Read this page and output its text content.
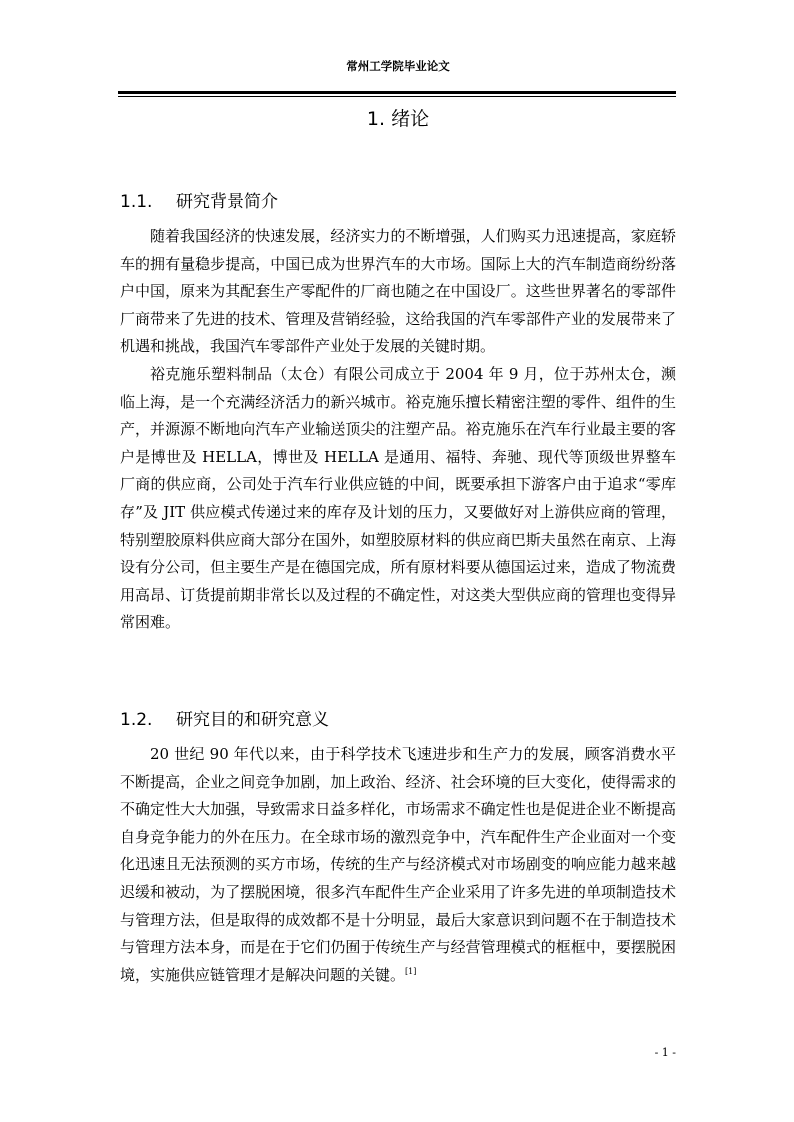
常州工学院毕业论文
1. 绪论
1.1. 研究背景简介

随着我国经济的快速发展，经济实力的不断增强，人们购买力迅速提高，家庭轿车的拥有量稳步提高，中国已成为世界汽车的大市场。国际上大的汽车制造商纷纷落户中国，原来为其配套生产零配件的厂商也随之在中国设厂。这些世界著名的零部件厂商带来了先进的技术、管理及营销经验，这给我国的汽车零部件产业的发展带来了机遇和挑战，我国汽车零部件产业处于发展的关键时期。

裕克施乐塑料制品（太仓）有限公司成立于 2004 年 9 月，位于苏州太仓，濒临上海，是一个充满经济活力的新兴城市。裕克施乐擅长精密注塑的零件、组件的生产，并源源不断地向汽车产业输送顶尖的注塑产品。裕克施乐在汽车行业最主要的客户是博世及 HELLA，博世及 HELLA 是通用、福特、奔驰、现代等顶级世界整车厂商的供应商，公司处于汽车行业供应链的中间，既要承担下游客户由于追求“零库存”及 JIT 供应模式传递过来的库存及计划的压力，又要做好对上游供应商的管理，特别塑胶原料供应商大部分在国外，如塑胶原材料的供应商巴斯夫虽然在南京、上海设有分公司，但主要生产是在德国完成，所有原材料要从德国运过来，造成了物流费用高昂、订货提前期非常长以及过程的不确定性，对这类大型供应商的管理也变得异常困难。

1.2. 研究目的和研究意义

20 世纪 90 年代以来，由于科学技术飞速进步和生产力的发展，顾客消费水平不断提高，企业之间竞争加剧，加上政治、经济、社会环境的巨大变化，使得需求的不确定性大大加强，导致需求日益多样化，市场需求不确定性也是促进企业不断提高自身竞争能力的外在压力。在全球市场的激烈竞争中，汽车配件生产企业面对一个变化迅速且无法预测的买方市场，传统的生产与经济模式对市场剧变的响应能力越来越迟缓和被动，为了摆脱困境，很多汽车配件生产企业采用了许多先进的单项制造技术与管理方法，但是取得的成效都不是十分明显，最后大家意识到问题不在于制造技术与管理方法本身，而是在于它们仍囿于传统生产与经营管理模式的框框中，要摆脱困境，实施供应链管理才是解决问题的关键。[1]

- 1 -
